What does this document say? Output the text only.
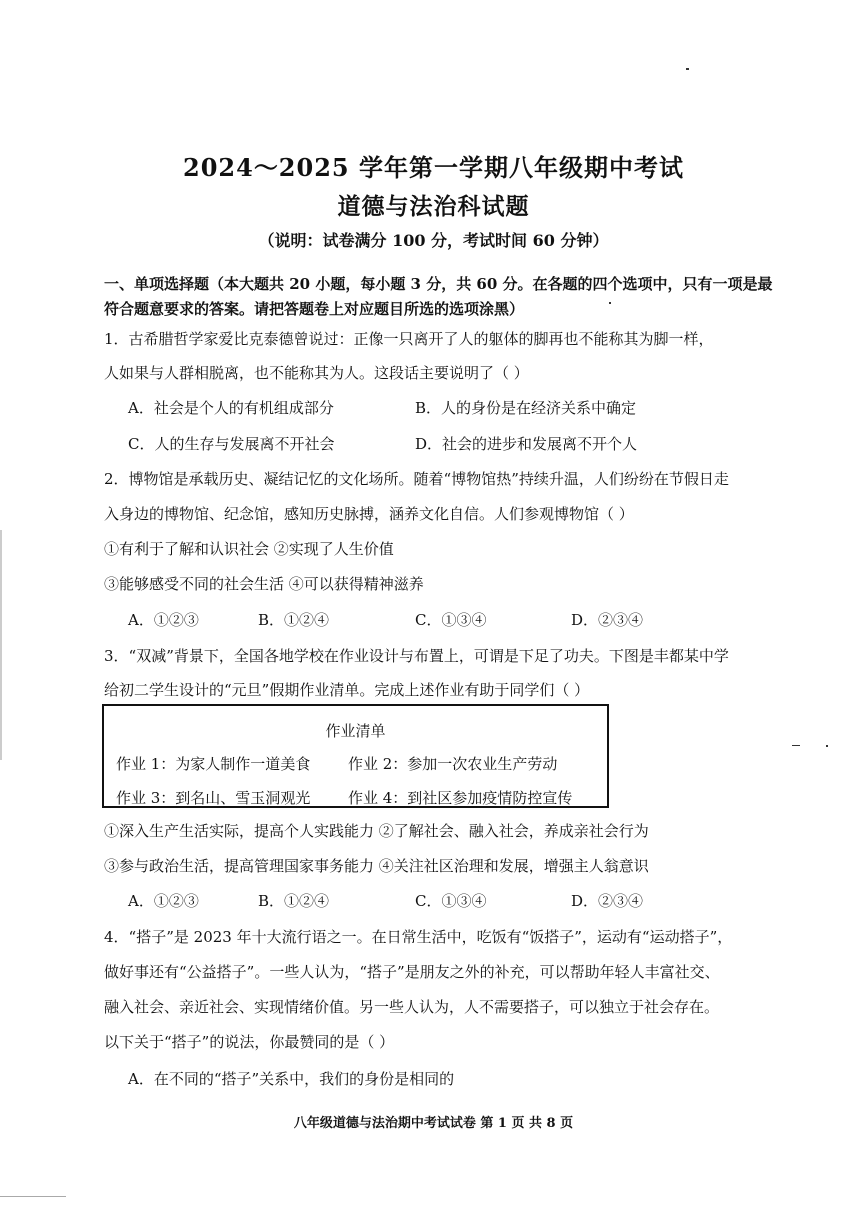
2024～2025 学年第一学期八年级期中考试
道德与法治科试题
（说明：试卷满分 100 分，考试时间 60 分钟）
一、单项选择题（本大题共 20 小题，每小题 3 分，共 60 分。在各题的四个选项中，只有一项是最
符合题意要求的答案。请把答题卷上对应题目所选的选项涂黑）
1．古希腊哲学家爱比克泰德曾说过：正像一只离开了人的躯体的脚再也不能称其为脚一样，
人如果与人群相脱离，也不能称其为人。这段话主要说明了（ ）
A．社会是个人的有机组成部分	B．人的身份是在经济关系中确定
C．人的生存与发展离不开社会	D．社会的进步和发展离不开个人
2．博物馆是承载历史、凝结记忆的文化场所。随着“博物馆热”持续升温，人们纷纷在节假日走
入身边的博物馆、纪念馆，感知历史脉搏，涵养文化自信。人们参观博物馆（ ）
①有利于了解和认识社会 ②实现了人生价值
③能够感受不同的社会生活 ④可以获得精神滋养
A．①②③	B．①②④	C．①③④	D．②③④
3．“双减”背景下，全国各地学校在作业设计与布置上，可谓是下足了功夫。下图是丰都某中学
给初二学生设计的“元旦”假期作业清单。完成上述作业有助于同学们（ ）
作业清单
作业 1：为家人制作一道美食	作业 2：参加一次农业生产劳动
作业 3：到名山、雪玉洞观光	作业 4：到社区参加疫情防控宣传
①深入生产生活实际，提高个人实践能力 ②了解社会、融入社会，养成亲社会行为
③参与政治生活，提高管理国家事务能力 ④关注社区治理和发展，增强主人翁意识
A．①②③	B．①②④	C．①③④	D．②③④
4．“搭子”是 2023 年十大流行语之一。在日常生活中，吃饭有“饭搭子”，运动有“运动搭子”，
做好事还有“公益搭子”。一些人认为，“搭子”是朋友之外的补充，可以帮助年轻人丰富社交、
融入社会、亲近社会、实现情绪价值。另一些人认为，人不需要搭子，可以独立于社会存在。
以下关于“搭子”的说法，你最赞同的是（ ）
A．在不同的“搭子”关系中，我们的身份是相同的
八年级道德与法治期中考试试卷 第 1 页 共 8 页
